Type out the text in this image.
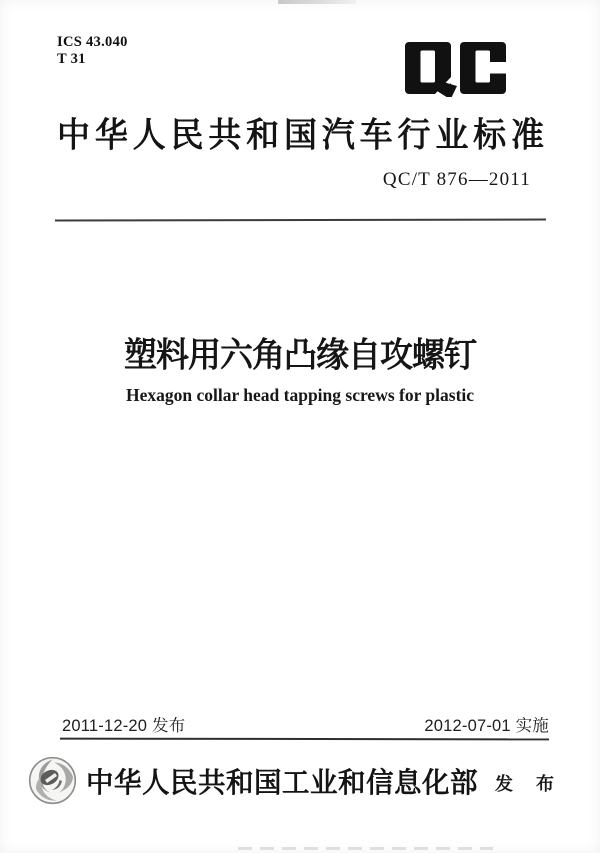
ICS 43.040
T 31
中华人民共和国汽车行业标准
QC/T 876—2011
塑料用六角凸缘自攻螺钉
Hexagon collar head tapping screws for plastic
2011-12-20 发布	2012-07-01 实施
中华人民共和国工业和信息化部 发 布
